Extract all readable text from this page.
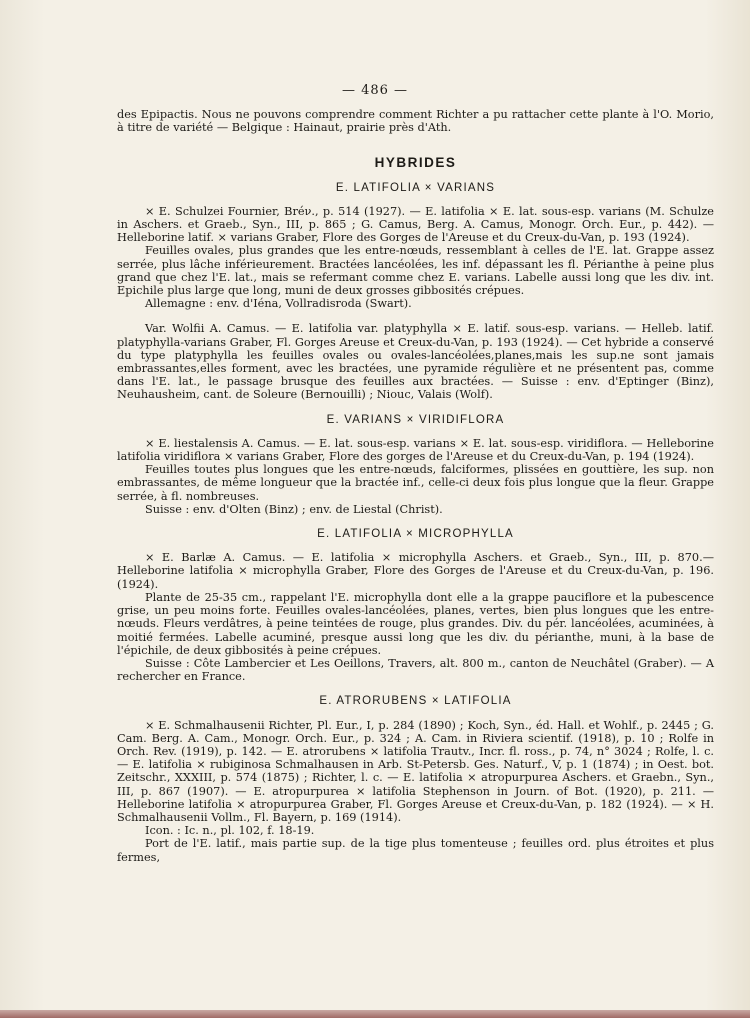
— 486 —

des Epipactis. Nous ne pouvons comprendre comment Richter a pu rattacher cette plante à l'O. Morio, à titre de variété — Belgique : Hainaut, prairie près d'Ath.

HYBRIDES
E. LATIFOLIA × VARIANS

× E. Schulzei Fournier, Bréν., p. 514 (1927). — E. latifolia × E. lat. sous-esp. varians (M. Schulze in Aschers. et Graeb., Syn., III, p. 865 ; G. Camus, Berg. A. Camus, Monogr. Orch. Eur., p. 442). — Helleborine latif. × varians Graber, Flore des Gorges de l'Areuse et du Creux-du-Van, p. 193 (1924).

Feuilles ovales, plus grandes que les entre-nœuds, ressemblant à celles de l'E. lat. Grappe assez serrée, plus lâche inférieurement. Bractées lancéolées, les inf. dépassant les fl. Périanthe à peine plus grand que chez l'E. lat., mais se refermant comme chez E. varians. Labelle aussi long que les div. int. Epichile plus large que long, muni de deux grosses gibbosités crépues.

Allemagne : env. d'Iéna, Vollradisroda (Swart).

Var. Wolfii A. Camus. — E. latifolia var. platyphylla × E. latif. sous-esp. varians. — Helleb. latif. platyphylla-varians Graber, Fl. Gorges Areuse et Creux-du-Van, p. 193 (1924). — Cet hybride a conservé du type platyphylla les feuilles ovales ou ovales-lancéolées,planes,mais les sup.ne sont jamais embrassantes,elles forment, avec les bractées, une pyramide régulière et ne présentent pas, comme dans l'E. lat., le passage brusque des feuilles aux bractées. — Suisse : env. d'Eptinger (Binz), Neuhausheim, cant. de Soleure (Bernouilli) ; Niouc, Valais (Wolf).

E. VARIANS × VIRIDIFLORA

× E. liestalensis A. Camus. — E. lat. sous-esp. varians × E. lat. sous-esp. viridiflora. — Helleborine latifolia viridiflora × varians Graber, Flore des gorges de l'Areuse et du Creux-du-Van, p. 194 (1924).

Feuilles toutes plus longues que les entre-nœuds, falciformes, plissées en gouttière, les sup. non embrassantes, de même longueur que la bractée inf., celle-ci deux fois plus longue que la fleur. Grappe serrée, à fl. nombreuses.

Suisse : env. d'Olten (Binz) ; env. de Liestal (Christ).

E. LATIFOLIA × MICROPHYLLA

× E. Barlæ A. Camus. — E. latifolia × microphylla Aschers. et Graeb., Syn., III, p. 870.— Helleborine latifolia × microphylla Graber, Flore des Gorges de l'Areuse et du Creux-du-Van, p. 196. (1924).

Plante de 25-35 cm., rappelant l'E. microphylla dont elle a la grappe pauciflore et la pubescence grise, un peu moins forte. Feuilles ovales-lancéolées, planes, vertes, bien plus longues que les entre-nœuds. Fleurs verdâtres, à peine teintées de rouge, plus grandes. Div. du pér. lancéolées, acuminées, à moitié fermées. Labelle acuminé, presque aussi long que les div. du périanthe, muni, à la base de l'épichile, de deux gibbosités à peine crépues.

Suisse : Côte Lambercier et Les Oeillons, Travers, alt. 800 m., canton de Neuchâtel (Graber). — A rechercher en France.

E. ATRORUBENS × LATIFOLIA

× E. Schmalhausenii Richter, Pl. Eur., I, p. 284 (1890) ; Koch, Syn., éd. Hall. et Wohlf., p. 2445 ; G. Cam. Berg. A. Cam., Monogr. Orch. Eur., p. 324 ; A. Cam. in Riviera scientif. (1918), p. 10 ; Rolfe in Orch. Rev. (1919), p. 142. — E. atrorubens × latifolia Trautv., Incr. fl. ross., p. 74, n° 3024 ; Rolfe, l. c. — E. latifolia × rubiginosa Schmalhausen in Arb. St-Petersb. Ges. Naturf., V, p. 1 (1874) ; in Oest. bot. Zeitschr., XXXIII, p. 574 (1875) ; Richter, l. c. — E. latifolia × atropurpurea Aschers. et Graebn., Syn., III, p. 867 (1907). — E. atropurpurea × latifolia Stephenson in Journ. of Bot. (1920), p. 211. — Helleborine latifolia × atropurpurea Graber, Fl. Gorges Areuse et Creux-du-Van, p. 182 (1924). — × H. Schmalhausenii Vollm., Fl. Bayern, p. 169 (1914).

Icon. : Ic. n., pl. 102, f. 18-19.

Port de l'E. latif., mais partie sup. de la tige plus tomenteuse ; feuilles ord. plus étroites et plus fermes,
